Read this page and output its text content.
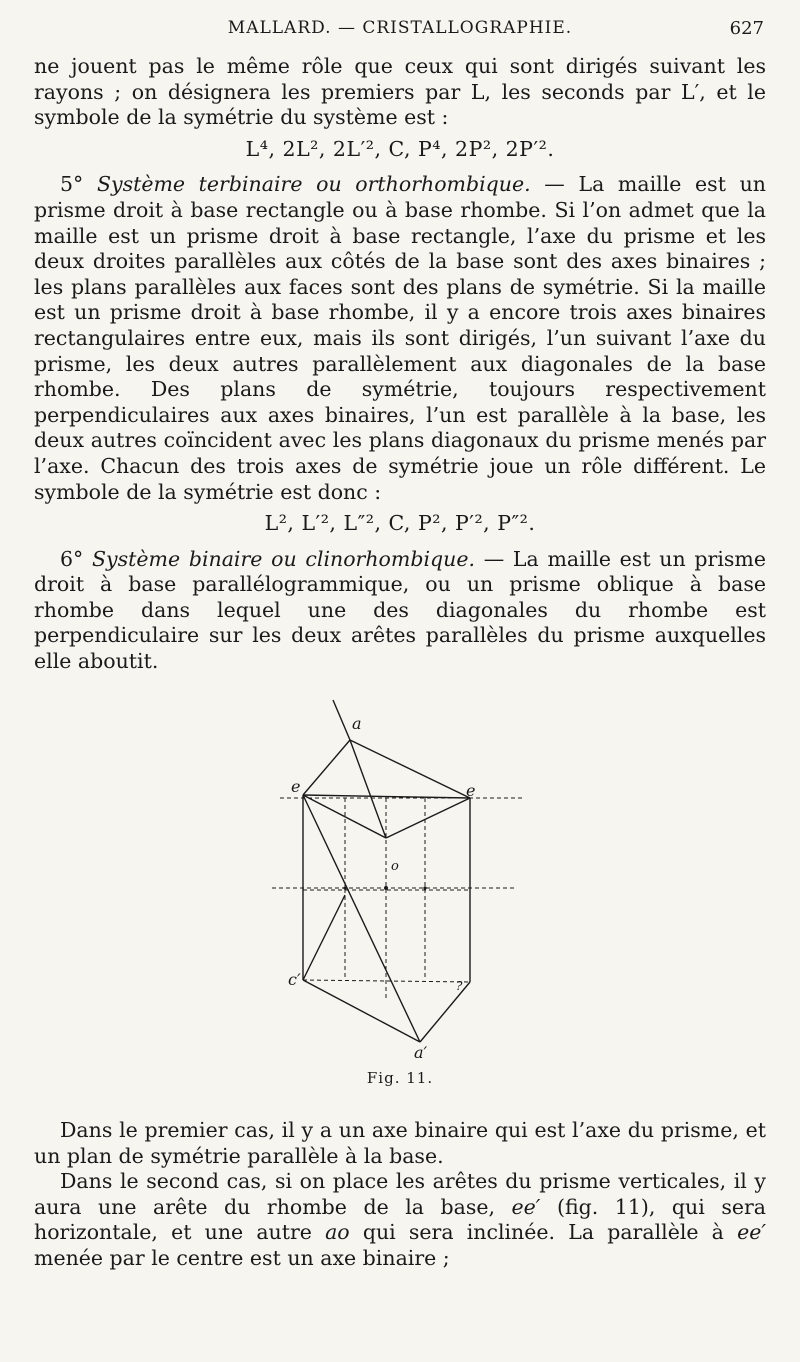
MALLARD. — CRISTALLOGRAPHIE.	627

ne jouent pas le même rôle que ceux qui sont dirigés suivant les rayons ; on désignera les premiers par L, les seconds par L′, et le symbole de la symétrie du système est :

L⁴, 2L², 2L′², C, P⁴, 2P², 2P′².

5° Système terbinaire ou orthorhombique. — La maille est un prisme droit à base rectangle ou à base rhombe. Si l’on admet que la maille est un prisme droit à base rectangle, l’axe du prisme et les deux droites parallèles aux côtés de la base sont des axes binaires ; les plans parallèles aux faces sont des plans de symétrie. Si la maille est un prisme droit à base rhombe, il y a encore trois axes binaires rectangulaires entre eux, mais ils sont dirigés, l’un suivant l’axe du prisme, les deux autres parallèlement aux diagonales de la base rhombe. Des plans de symétrie, toujours respectivement perpendiculaires aux axes binaires, l’un est parallèle à la base, les deux autres coïncident avec les plans diagonaux du prisme menés par l’axe. Chacun des trois axes de symétrie joue un rôle différent. Le symbole de la symétrie est donc :

L², L′², L″², C, P², P′², P″².

6° Système binaire ou clinorhombique. — La maille est un prisme droit à base parallélogrammique, ou un prisme oblique à base rhombe dans lequel une des diagonales du rhombe est perpendiculaire sur les deux arêtes parallèles du prisme auxquelles elle aboutit.

a
e	e
o
c′
a′
?
Fig. 11.

Dans le premier cas, il y a un axe binaire qui est l’axe du prisme, et un plan de symétrie parallèle à la base.

Dans le second cas, si on place les arêtes du prisme verticales, il y aura une arête du rhombe de la base, ee′ (fig. 11), qui sera horizontale, et une autre ao qui sera inclinée. La parallèle à ee′ menée par le centre est un axe binaire ;
